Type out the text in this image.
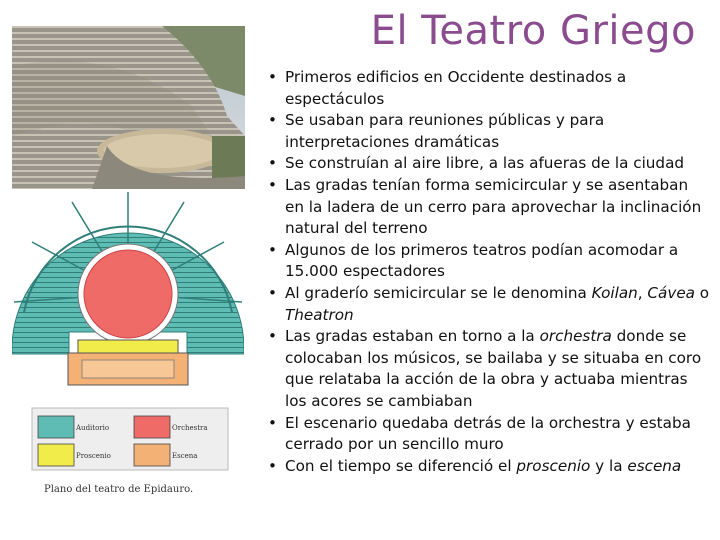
El Teatro Griego
Auditorio	Orchestra
Proscenio	Escena
Plano del teatro de Epidauro.
• Primeros edificios en Occidente destinados a espectáculos
• Se usaban para reuniones públicas y para interpretaciones dramáticas
• Se construían al aire libre, a las afueras de la ciudad
• Las gradas tenían forma semicircular y se asentaban en la ladera de un cerro para aprovechar la inclinación natural del terreno
• Algunos de los primeros teatros podían acomodar a 15.000 espectadores
• Al graderío semicircular se le denomina Koilan, Cávea o Theatron
• Las gradas estaban en torno a la orchestra donde se colocaban los músicos, se bailaba y se situaba en coro que relataba la acción de la obra y actuaba mientras los acores se cambiaban
• El escenario quedaba detrás de la orchestra y estaba cerrado por un sencillo muro
• Con el tiempo se diferenció el proscenio y la escena
